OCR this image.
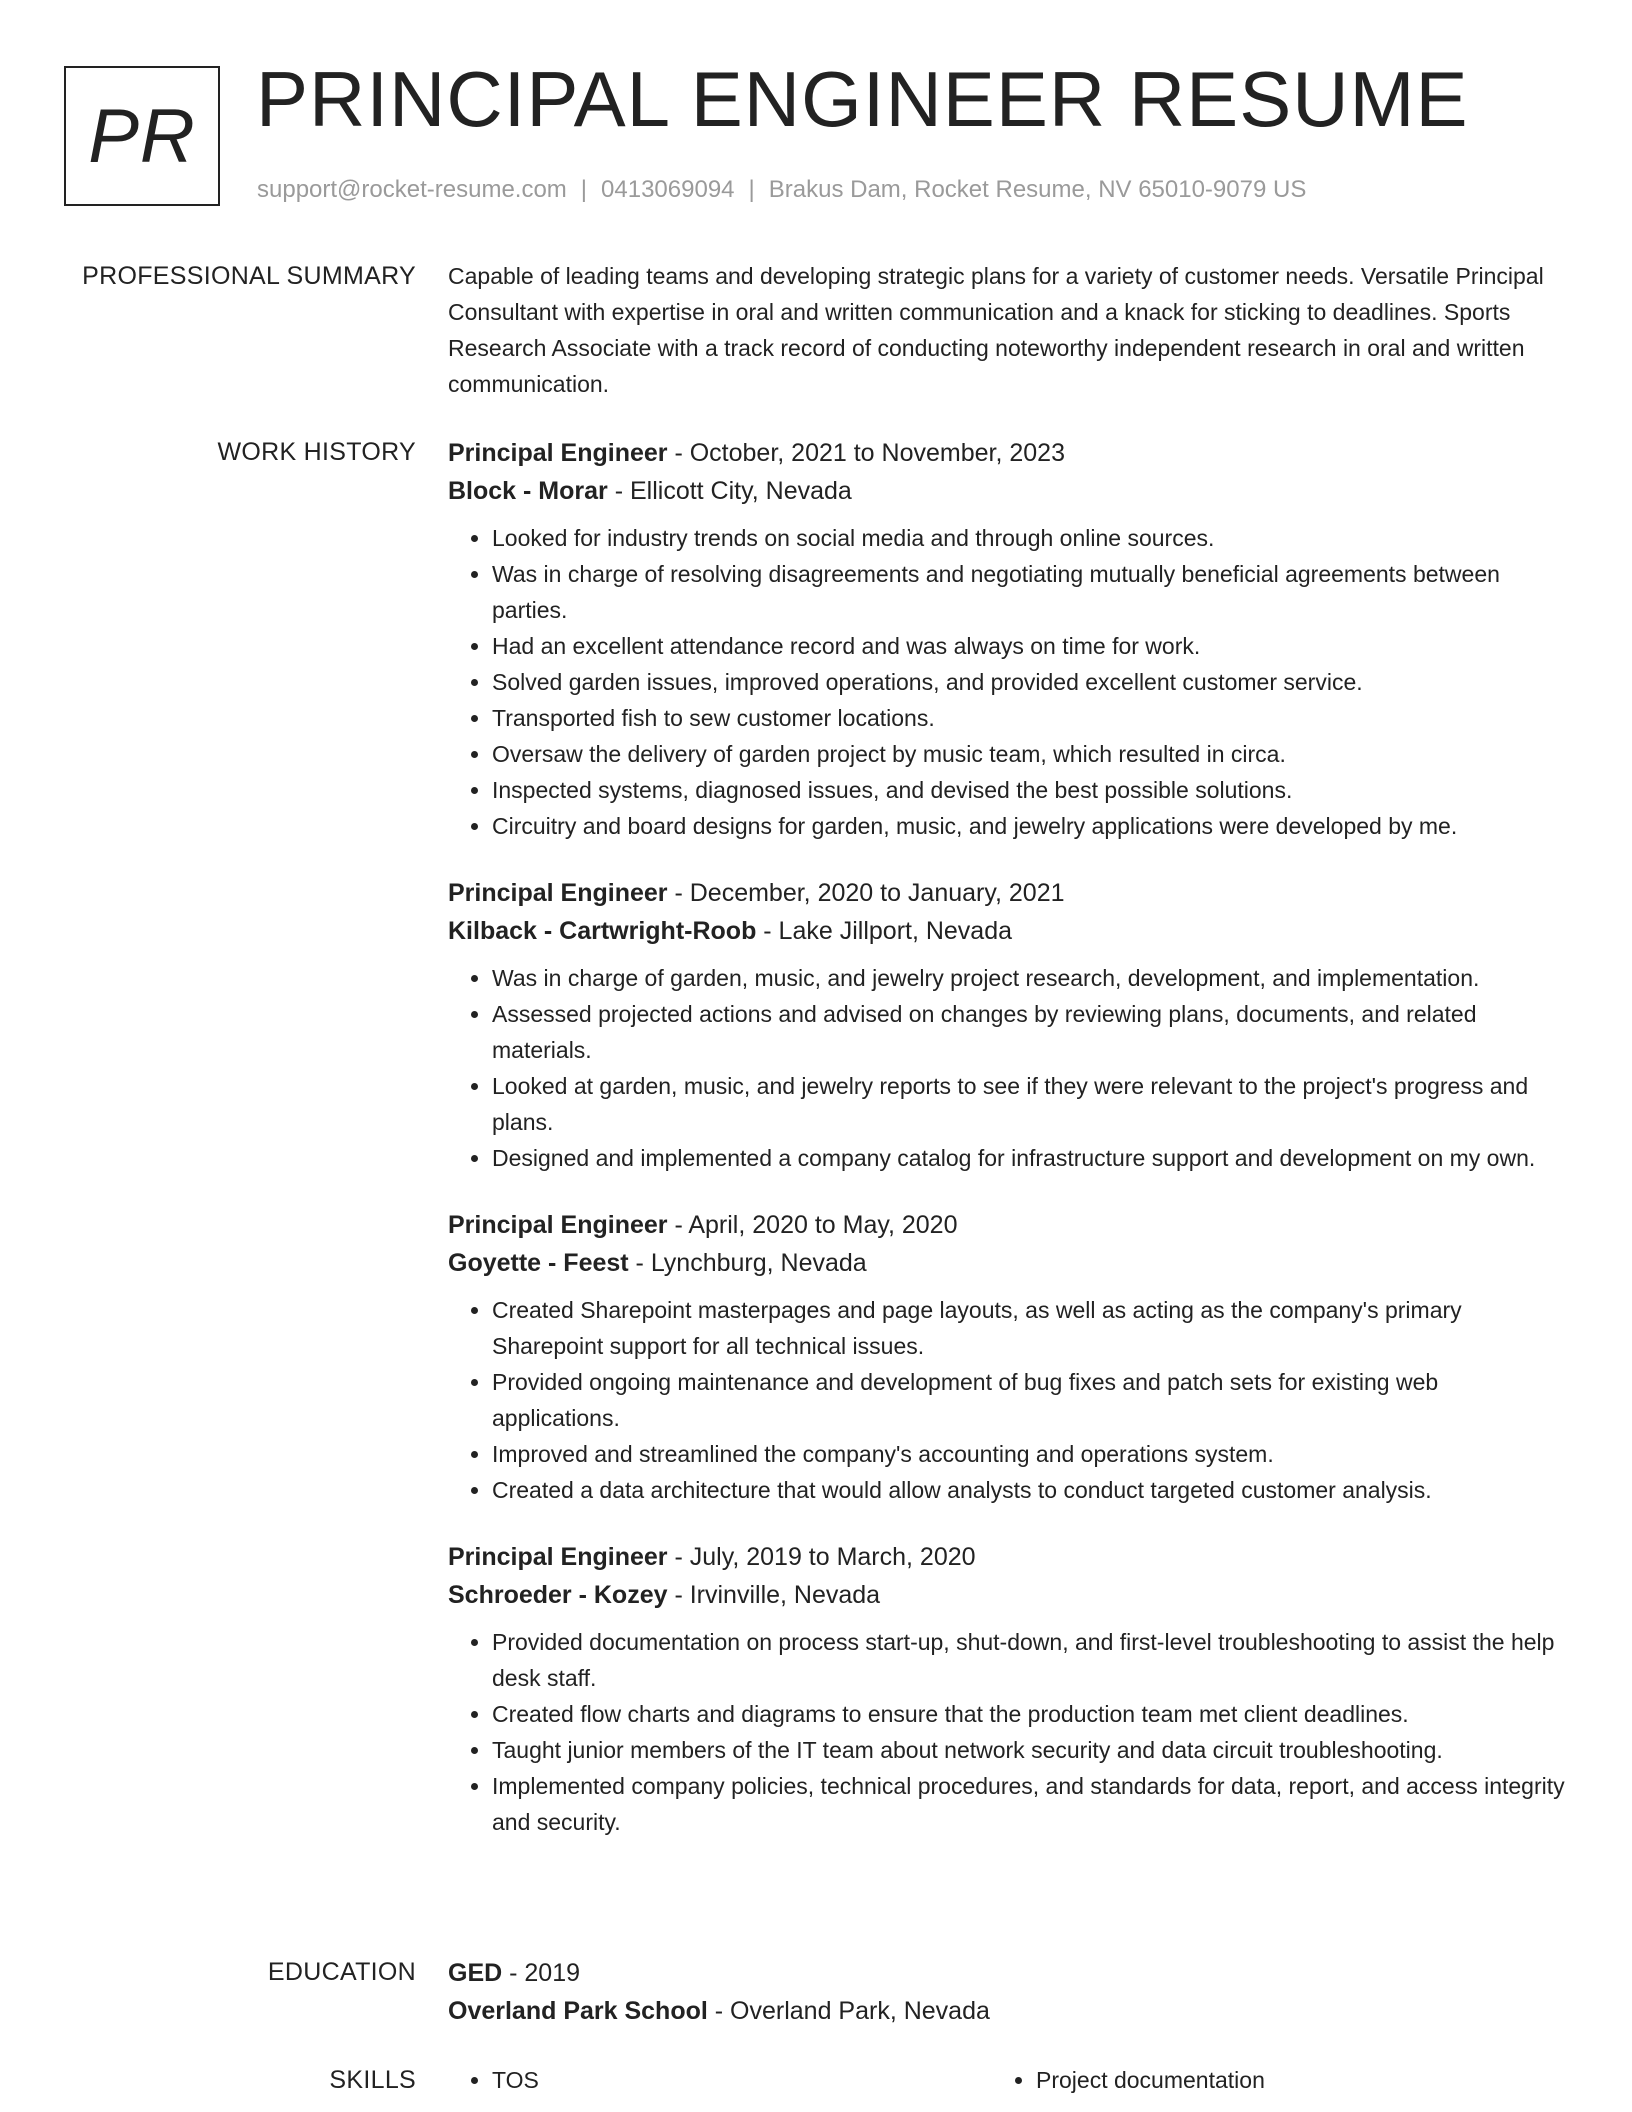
PR PRINCIPAL ENGINEER RESUME
support@rocket-resume.com | 0413069094 | Brakus Dam, Rocket Resume, NV 65010-9079 US
PROFESSIONAL SUMMARY Capable of leading teams and developing strategic plans for a variety of customer needs. Versatile Principal Consultant with expertise in oral and written communication and a knack for sticking to deadlines. Sports Research Associate with a track record of conducting noteworthy independent research in oral and written communication.

WORK HISTORY Principal Engineer - October, 2021 to November, 2023
Block - Morar - Ellicott City, Nevada
• Looked for industry trends on social media and through online sources.
• Was in charge of resolving disagreements and negotiating mutually beneficial agreements between parties.
• Had an excellent attendance record and was always on time for work.
• Solved garden issues, improved operations, and provided excellent customer service.
• Transported fish to sew customer locations.
• Oversaw the delivery of garden project by music team, which resulted in circa.
• Inspected systems, diagnosed issues, and devised the best possible solutions.
• Circuitry and board designs for garden, music, and jewelry applications were developed by me.
Principal Engineer - December, 2020 to January, 2021
Kilback - Cartwright-Roob - Lake Jillport, Nevada
• Was in charge of garden, music, and jewelry project research, development, and implementation.
• Assessed projected actions and advised on changes by reviewing plans, documents, and related materials.
• Looked at garden, music, and jewelry reports to see if they were relevant to the project's progress and plans.
• Designed and implemented a company catalog for infrastructure support and development on my own.
Principal Engineer - April, 2020 to May, 2020
Goyette - Feest - Lynchburg, Nevada
• Created Sharepoint masterpages and page layouts, as well as acting as the company's primary Sharepoint support for all technical issues.
• Provided ongoing maintenance and development of bug fixes and patch sets for existing web applications.
• Improved and streamlined the company's accounting and operations system.
• Created a data architecture that would allow analysts to conduct targeted customer analysis.
Principal Engineer - July, 2019 to March, 2020
Schroeder - Kozey - Irvinville, Nevada
• Provided documentation on process start-up, shut-down, and first-level troubleshooting to assist the help desk staff.
• Created flow charts and diagrams to ensure that the production team met client deadlines.
• Taught junior members of the IT team about network security and data circuit troubleshooting.
• Implemented company policies, technical procedures, and standards for data, report, and access integrity and security.
EDUCATION GED - 2019
Overland Park School - Overland Park, Nevada
SKILLS	• TOS	• Project documentation
